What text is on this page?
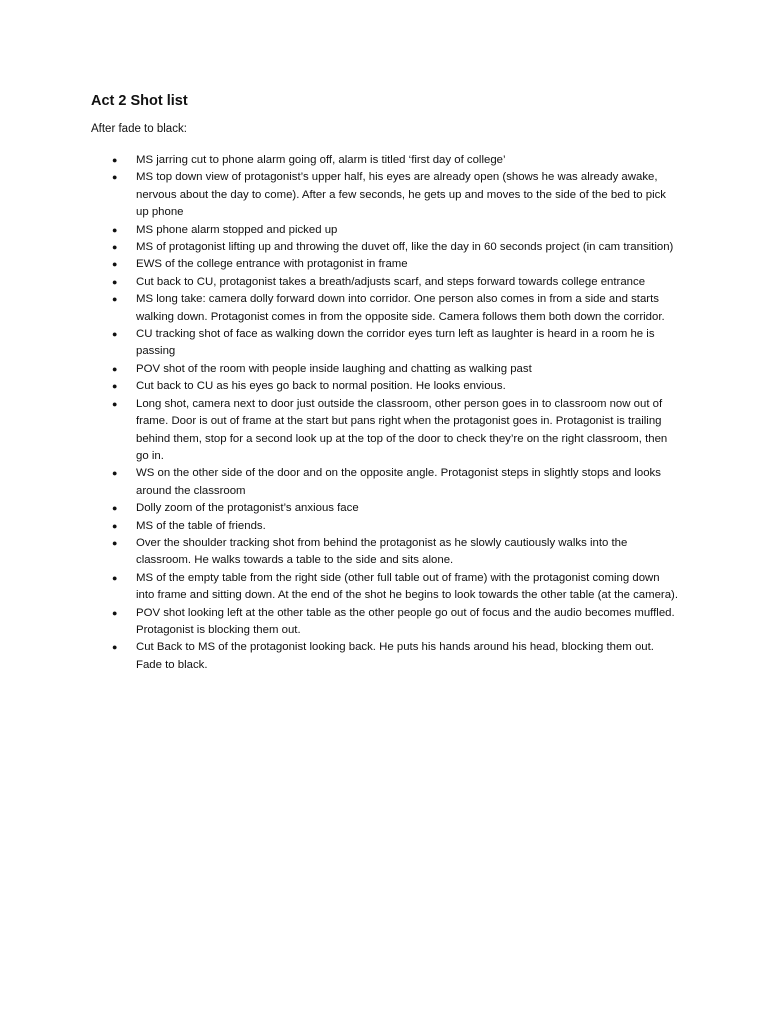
Act 2 Shot list

After fade to black:

● MS jarring cut to phone alarm going off, alarm is titled ‘first day of college’
● MS top down view of protagonist’s upper half, his eyes are already open (shows he was already awake, nervous about the day to come). After a few seconds, he gets up and moves to the side of the bed to pick up phone
● MS phone alarm stopped and picked up
● MS of protagonist lifting up and throwing the duvet off, like the day in 60 seconds project (in cam transition)
● EWS of the college entrance with protagonist in frame
● Cut back to CU, protagonist takes a breath/adjusts scarf, and steps forward towards college entrance
● MS long take: camera dolly forward down into corridor. One person also comes in from a side and starts walking down. Protagonist comes in from the opposite side. Camera follows them both down the corridor.
● CU tracking shot of face as walking down the corridor eyes turn left as laughter is heard in a room he is passing
● POV shot of the room with people inside laughing and chatting as walking past
● Cut back to CU as his eyes go back to normal position. He looks envious.
● Long shot, camera next to door just outside the classroom, other person goes in to classroom now out of frame. Door is out of frame at the start but pans right when the protagonist goes in. Protagonist is trailing behind them, stop for a second look up at the top of the door to check they’re on the right classroom, then go in.
● WS on the other side of the door and on the opposite angle. Protagonist steps in slightly stops and looks around the classroom
● Dolly zoom of the protagonist’s anxious face
● MS of the table of friends.
● Over the shoulder tracking shot from behind the protagonist as he slowly cautiously walks into the classroom. He walks towards a table to the side and sits alone.
● MS of the empty table from the right side (other full table out of frame) with the protagonist coming down into frame and sitting down. At the end of the shot he begins to look towards the other table (at the camera).
● POV shot looking left at the other table as the other people go out of focus and the audio becomes muffled. Protagonist is blocking them out.
● Cut Back to MS of the protagonist looking back. He puts his hands around his head, blocking them out. Fade to black.
